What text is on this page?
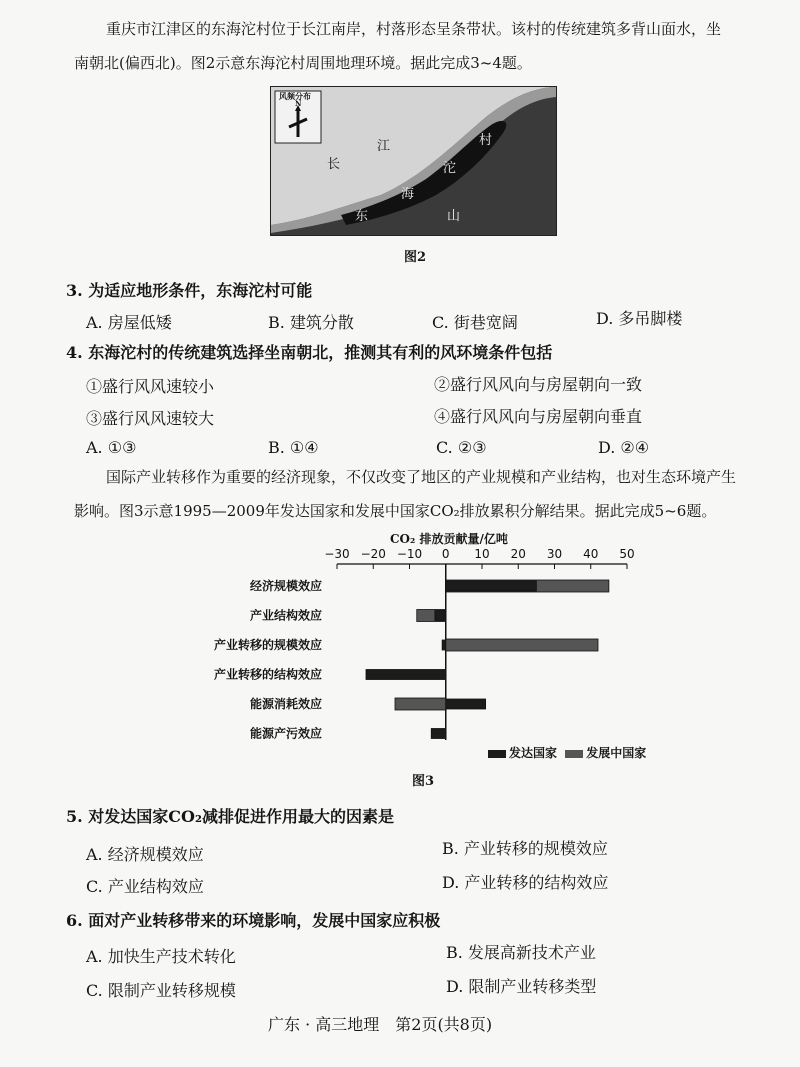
重庆市江津区的东海沱村位于长江南岸，村落形态呈条带状。该村的传统建筑多背山面水，坐
南朝北(偏西北)。图2示意东海沱村周围地理环境。据此完成3~4题。
风频分布
N
长
江	村
沱
海
东	山
图2
3. 为适应地形条件，东海沱村可能
A. 房屋低矮	B. 建筑分散	C. 街巷宽阔	D. 多吊脚楼
4. 东海沱村的传统建筑选择坐南朝北，推测其有利的风环境条件包括
①盛行风风速较小	②盛行风风向与房屋朝向一致
③盛行风风速较大	④盛行风风向与房屋朝向垂直
A. ①③	B. ①④	C. ②③	D. ②④
国际产业转移作为重要的经济现象，不仅改变了地区的产业规模和产业结构，也对生态环境产生
影响。图3示意1995—2009年发达国家和发展中国家CO₂排放累积分解结果。据此完成5~6题。
CO₂ 排放贡献量/亿吨
−30 −20 −10 0 10 20 30 40 50
经济规模效应
产业结构效应
产业转移的规模效应
产业转移的结构效应
能源消耗效应
能源产污效应
发达国家 发展中国家
图3
5. 对发达国家CO₂减排促进作用最大的因素是
A. 经济规模效应	B. 产业转移的规模效应
C. 产业结构效应	D. 产业转移的结构效应
6. 面对产业转移带来的环境影响，发展中国家应积极
A. 加快生产技术转化	B. 发展高新技术产业
C. 限制产业转移规模	D. 限制产业转移类型
广东 · 高三地理　第2页(共8页)
